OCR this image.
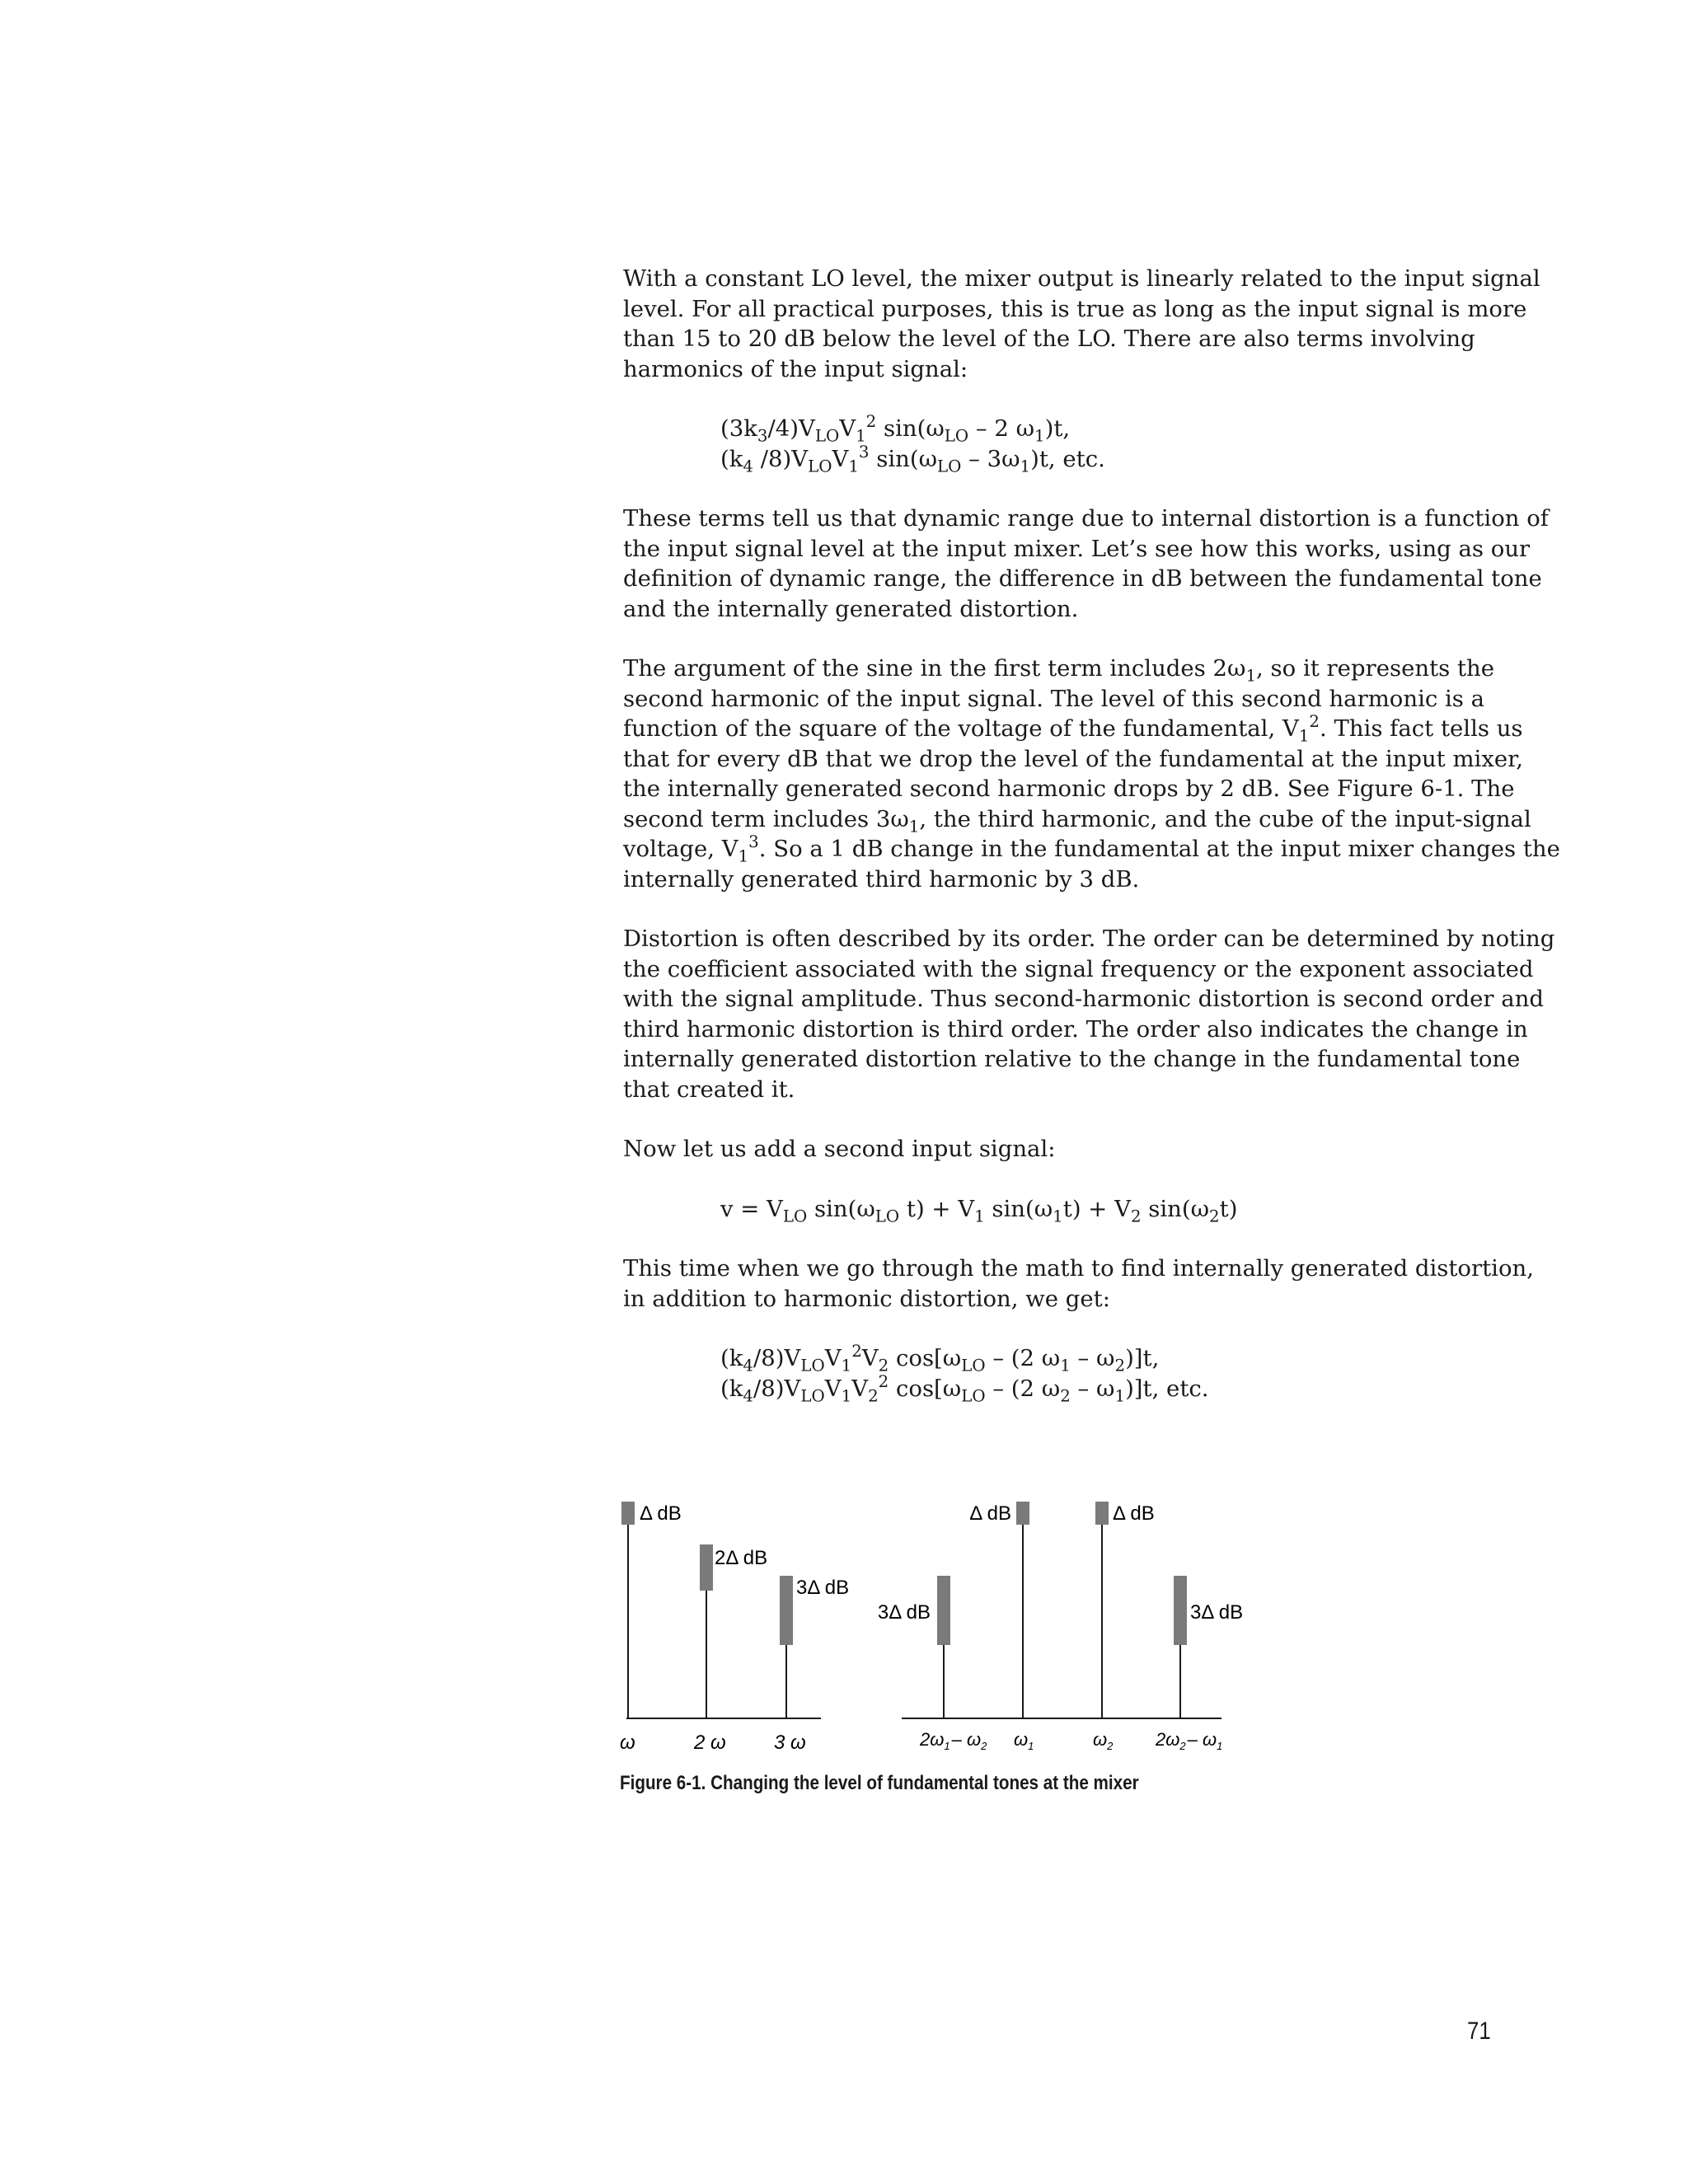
With a constant LO level, the mixer output is linearly related to the input signal level. For all practical purposes, this is true as long as the input signal is more than 15 to 20 dB below the level of the LO. There are also terms involving harmonics of the input signal:

$(3k_3/4)V_{LO}V_1^2$ $\sin(\omega_{LO} - 2$ $\omega_1)t$,
($k_4$ $/8)V_{LO}V_1^3$ $\sin(\omega_{LO} - 3\omega_1)t$, etc.

These terms tell us that dynamic range due to internal distortion is a function of the input signal level at the input mixer. Let’s see how this works, using as our definition of dynamic range, the difference in dB between the fundamental tone and the internally generated distortion.

The argument of the sine in the first term includes $2\omega_1$, so it represents the second harmonic of the input signal. The level of this second harmonic is a function of the square of the voltage of the fundamental, $V_1^2$. This fact tells us that for every dB that we drop the level of the fundamental at the input mixer, the internally generated second harmonic drops by 2 dB. See Figure 6-1. The second term includes $3\omega_1$, the third harmonic, and the cube of the input-signal voltage, $V_1^3$. So a 1 dB change in the fundamental at the input mixer changes the internally generated third harmonic by 3 dB.

Distortion is often described by its order. The order can be determined by noting the coefficient associated with the signal frequency or the exponent associated with the signal amplitude. Thus second-harmonic distortion is second order and third harmonic distortion is third order. The order also indicates the change in internally generated distortion relative to the change in the fundamental tone that created it.

Now let us add a second input signal:

$v = V_{LO}$ $\sin(\omega_{LO}$ $t) + V_1$ $\sin(\omega_1t) + V_2$ $\sin(\omega_2t)$

This time when we go through the math to find internally generated distortion, in addition to harmonic distortion, we get:

$(k_4/8)V_{LO}V_1^2V_2$ $\cos[\omega_{LO} - (2$ $\omega_1 - \omega_2)]t$,
$(k_4/8)V_{LO}V_1V_2^2$ $\cos[\omega_{LO} - (2$ $\omega_2 - \omega_1)]t$, etc.
Δ dB
2Δ dB
3Δ dB
ω	2 ω 3 ω
3Δ dB
Δ dB	Δ dB
3Δ dB
$2\omega_1-$ $\omega_2$ $\omega_1$	$\omega_2$ $2\omega_2-$ $\omega_1$
Figure 6-1. Changing the level of fundamental tones at the mixer
71
